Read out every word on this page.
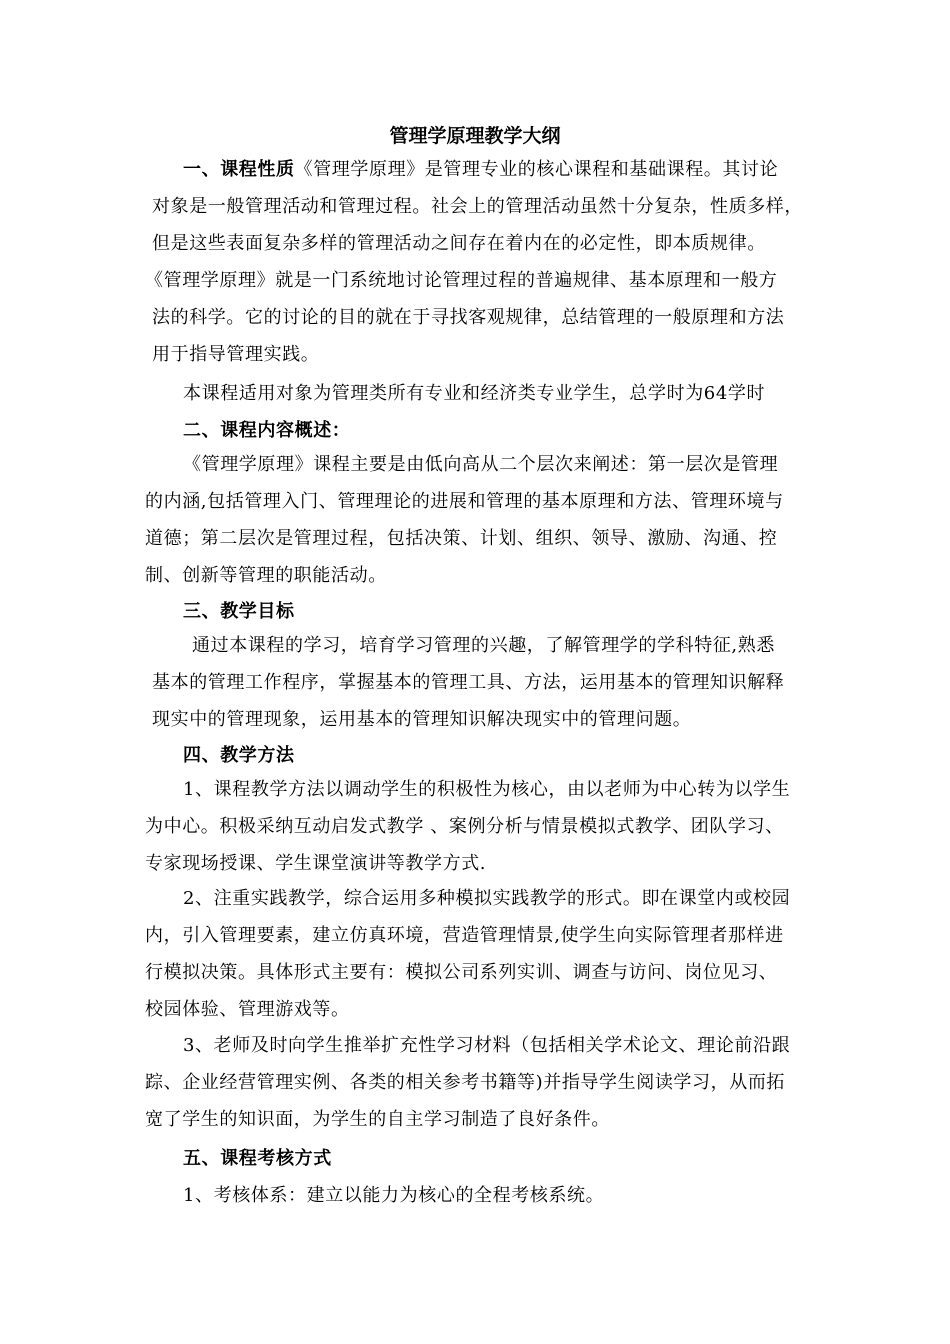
管理学原理教学大纲
一、课程性质《管理学原理》是管理专业的核心课程和基础课程。其讨论
对象是一般管理活动和管理过程。社会上的管理活动虽然十分复杂，性质多样，
但是这些表面复杂多样的管理活动之间存在着内在的必定性，即本质规律。
《管理学原理》就是一门系统地讨论管理过程的普遍规律、基本原理和一般方
法的科学。它的讨论的目的就在于寻找客观规律，总结管理的一般原理和方法
用于指导管理实践。
本课程适用对象为管理类所有专业和经济类专业学生，总学时为64学时
二、课程内容概述：
《管理学原理》课程主要是由低向高从二个层次来阐述：第一层次是管理
的内涵,包括管理入门、管理理论的进展和管理的基本原理和方法、管理环境与
道德；第二层次是管理过程，包括决策、计划、组织、领导、激励、沟通、控
制、创新等管理的职能活动。
三、教学目标
通过本课程的学习，培育学习管理的兴趣，了解管理学的学科特征,熟悉
基本的管理工作程序，掌握基本的管理工具、方法，运用基本的管理知识解释
现实中的管理现象，运用基本的管理知识解决现实中的管理问题。
四、教学方法
1、课程教学方法以调动学生的积极性为核心，由以老师为中心转为以学生
为中心。积极采纳互动启发式教学 、案例分析与情景模拟式教学、团队学习、
专家现场授课、学生课堂演讲等教学方式.
2、注重实践教学，综合运用多种模拟实践教学的形式。即在课堂内或校园
内，引入管理要素，建立仿真环境，营造管理情景,使学生向实际管理者那样进
行模拟决策。具体形式主要有：模拟公司系列实训、调查与访问、岗位见习、
校园体验、管理游戏等。
3、老师及时向学生推举扩充性学习材料（包括相关学术论文、理论前沿跟
踪、企业经营管理实例、各类的相关参考书籍等)并指导学生阅读学习，从而拓
宽了学生的知识面，为学生的自主学习制造了良好条件。
五、课程考核方式
1、考核体系：建立以能力为核心的全程考核系统。
